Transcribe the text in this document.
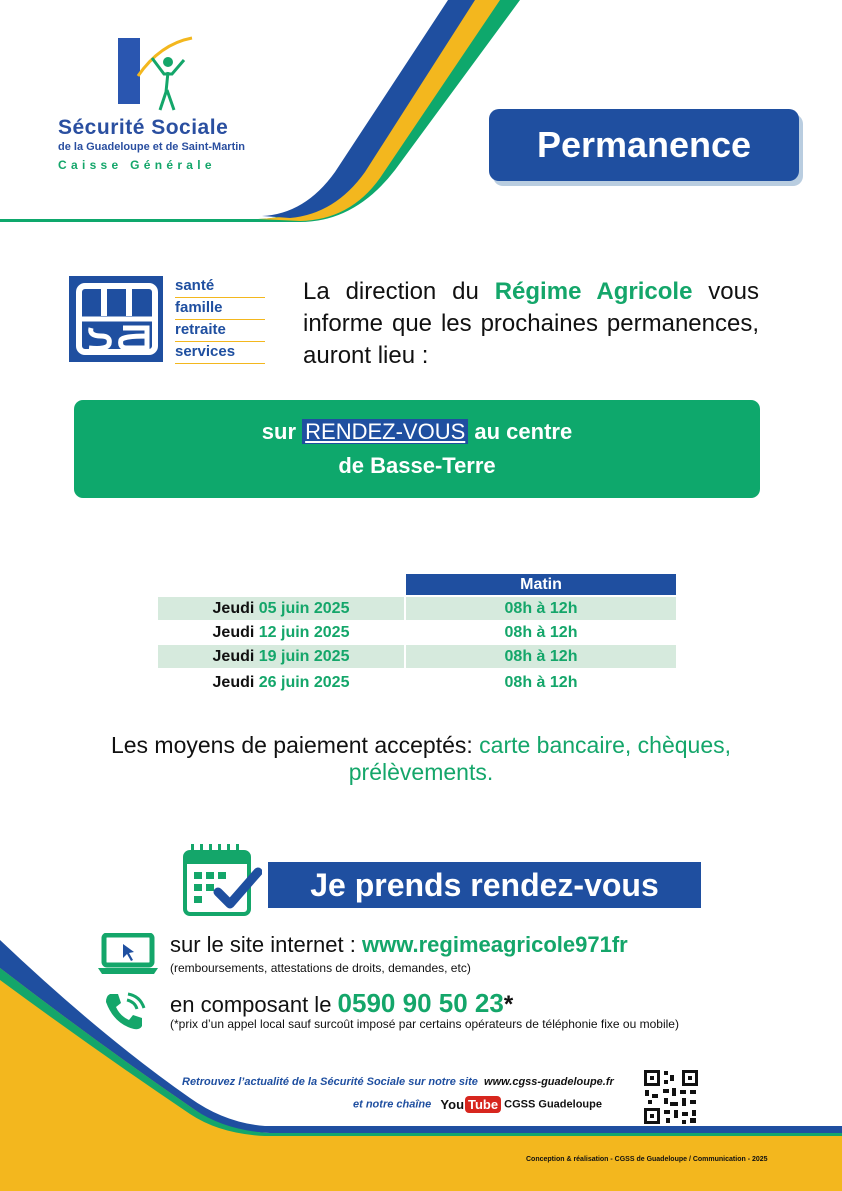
Sécurité Sociale
de la Guadeloupe et de Saint-Martin
Caisse Générale	Permanence
santé
famille
retraite
services
La direction du Régime Agricole vous informe que les prochaines permanences, auront lieu :
sur RENDEZ-VOUS au centre
de Basse-Terre
Matin
Jeudi 05 juin 2025	08h à 12h
Jeudi 12 juin 2025	08h à 12h
Jeudi 19 juin 2025	08h à 12h
Jeudi 26 juin 2025	08h à 12h
Les moyens de paiement acceptés: carte bancaire, chèques, prélèvements.
Je prends rendez-vous
sur le site internet : www.regimeagricole971fr
(remboursements, attestations de droits, demandes, etc)
en composant le 0590 90 50 23*
(*prix d’un appel local sauf surcoût imposé par certains opérateurs de téléphonie fixe ou mobile)
Retrouvez l’actualité de la Sécurité Sociale sur notre site www.cgss-guadeloupe.fr
et notre chaîne You Tube CGSS Guadeloupe
Conception & réalisation - CGSS de Guadeloupe / Communication - 2025
